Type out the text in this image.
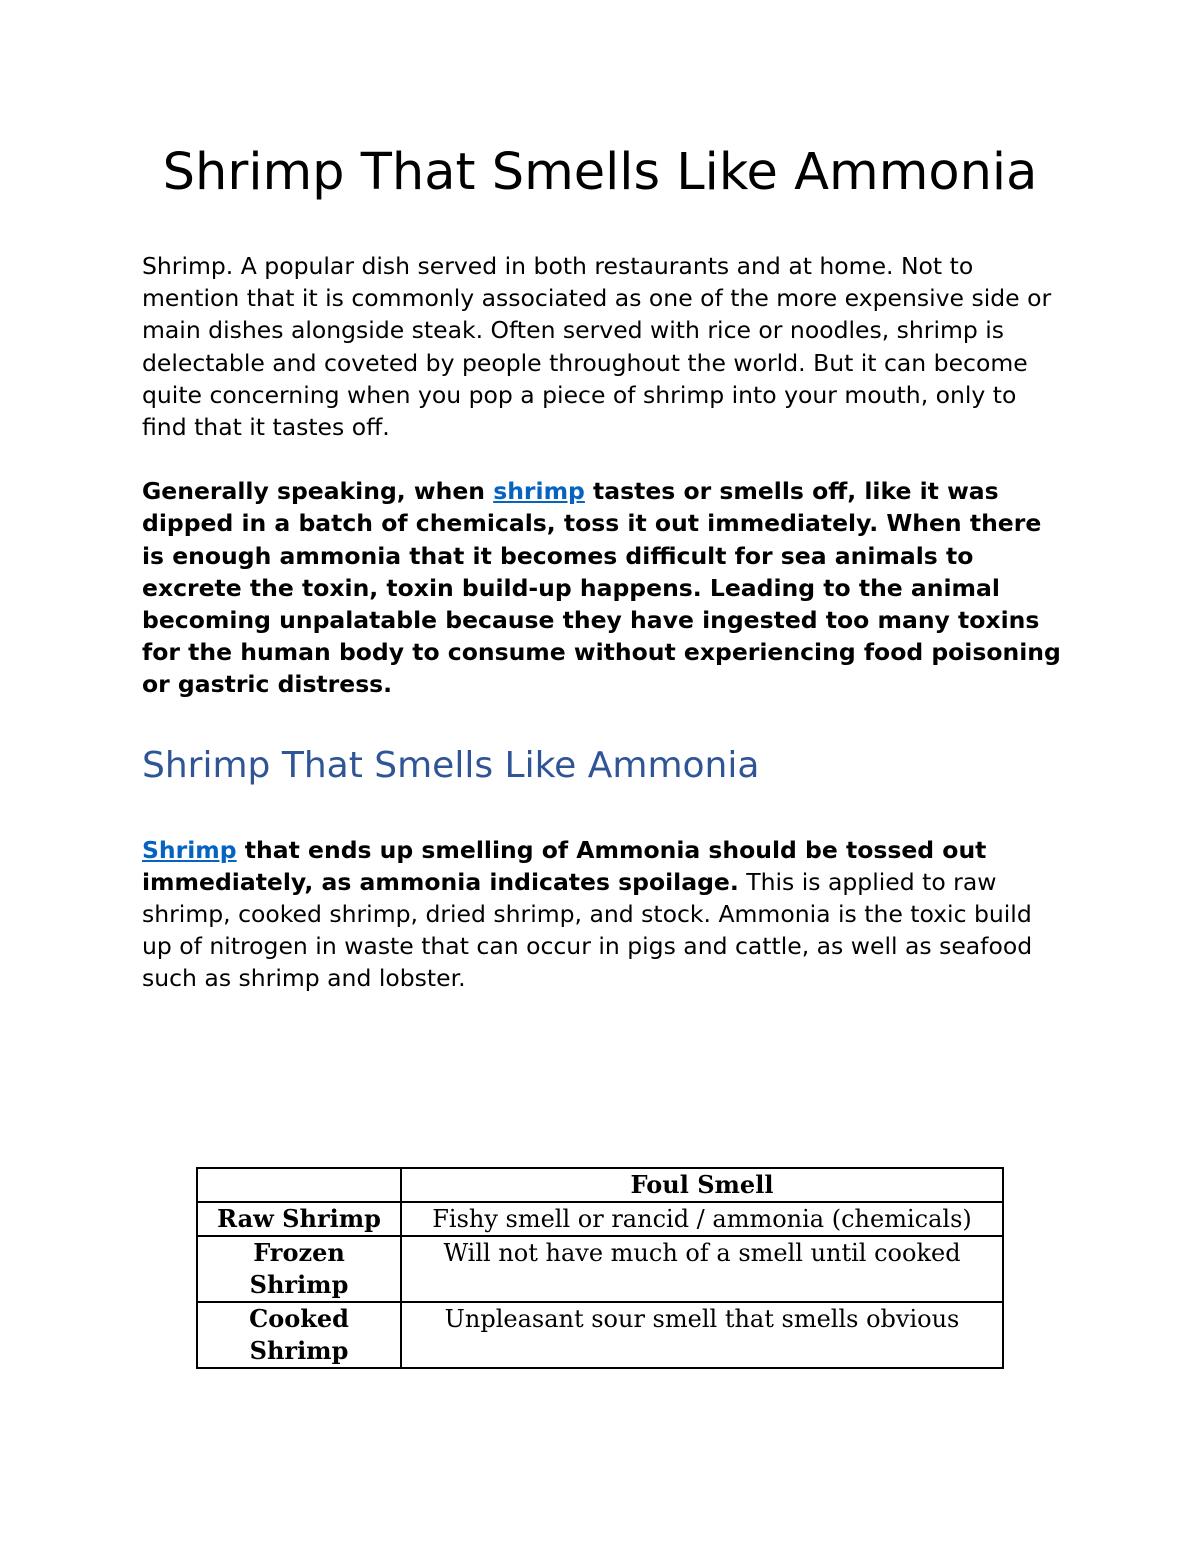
Shrimp That Smells Like Ammonia

Shrimp. A popular dish served in both restaurants and at home. Not to mention that it is commonly associated as one of the more expensive side or main dishes alongside steak. Often served with rice or noodles, shrimp is delectable and coveted by people throughout the world. But it can become quite concerning when you pop a piece of shrimp into your mouth, only to find that it tastes off.

Generally speaking, when shrimp tastes or smells off, like it was dipped in a batch of chemicals, toss it out immediately. When there is enough ammonia that it becomes difficult for sea animals to excrete the toxin, toxin build-up happens. Leading to the animal becoming unpalatable because they have ingested too many toxins for the human body to consume without experiencing food poisoning or gastric distress.

Shrimp That Smells Like Ammonia

Shrimp that ends up smelling of Ammonia should be tossed out immediately, as ammonia indicates spoilage. This is applied to raw shrimp, cooked shrimp, dried shrimp, and stock. Ammonia is the toxic build up of nitrogen in waste that can occur in pigs and cattle, as well as seafood such as shrimp and lobster.

	Foul Smell
Raw Shrimp	Fishy smell or rancid / ammonia (chemicals)
Frozen Shrimp	Will not have much of a smell until cooked
Cooked Shrimp	Unpleasant sour smell that smells obvious
